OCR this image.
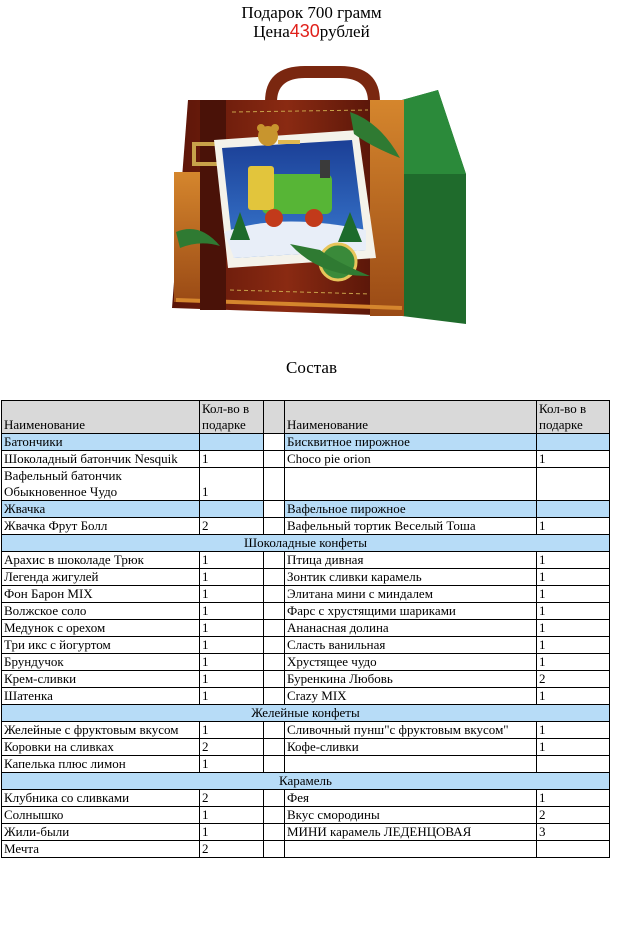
Подарок 700 грамм
Цена430рублей
Состав
Наименование	Кол-во в подарке		Наименование	Кол-во в подарке
Батончики			Бисквитное пирожное	
Шоколадный батончик Nesquik	1		Choco pie orion	1
Вафельный батончик Обыкновенное Чудо	1			
Жвачка			Вафельное пирожное	
Жвачка Фрут Болл	2		Вафельный тортик Веселый Тоша	1
Шоколадные конфеты				
Арахис в шоколаде Трюк	1		Птица дивная	1
Легенда жигулей	1		Зонтик сливки карамель	1
Фон Барон MIX	1		Элитана мини с миндалем	1
Волжское соло	1		Фарс с хрустящими шариками	1
Медунок с орехом	1		Ананасная долина	1
Три икс с йогуртом	1		Сласть ванильная	1
Брундучок	1		Хрустящее чудо	1
Крем-сливки	1		Буренкина Любовь	2
Шатенка	1		Crazy MIX	1
Желейные конфеты				
Желейные с фруктовым вкусом	1		Сливочный пунш"с фруктовым вкусом"	1
Коровки на сливках	2		Кофе-сливки	1
Капелька плюс лимон	1			
Карамель				
Клубника со сливками	2		Фея	1
Солнышко	1		Вкус смородины	2
Жили-были	1		МИНИ карамель ЛЕДЕНЦОВАЯ	3
Мечта	2			
